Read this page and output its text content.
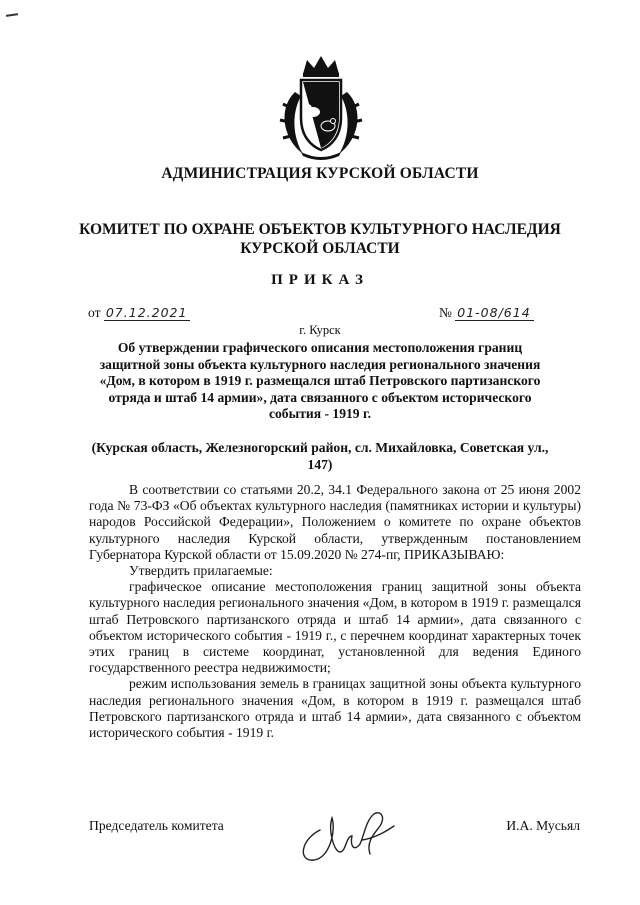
АДМИНИСТРАЦИЯ КУРСКОЙ ОБЛАСТИ
КОМИТЕТ ПО ОХРАНЕ ОБЪЕКТОВ КУЛЬТУРНОГО НАСЛЕДИЯ КУРСКОЙ ОБЛАСТИ
ПРИКАЗ
от 07.12.2021	№ 01-08/614
г. Курск
Об утверждении графического описания местоположения границ защитной зоны объекта культурного наследия регионального значения «Дом, в котором в 1919 г. размещался штаб Петровского партизанского отряда и штаб 14 армии», дата связанного с объектом исторического события - 1919 г.
(Курская область, Железногорский район, сл. Михайловка, Советская ул., 147)

В соответствии со статьями 20.2, 34.1 Федерального закона от 25 июня 2002 года № 73-ФЗ «Об объектах культурного наследия (памятниках истории и культуры) народов Российской Федерации», Положением о комитете по охране объектов культурного наследия Курской области, утвержденным постановлением Губернатора Курской области от 15.09.2020 № 274-пг, ПРИКАЗЫВАЮ:

Утвердить прилагаемые:

графическое описание местоположения границ защитной зоны объекта культурного наследия регионального значения «Дом, в котором в 1919 г. размещался штаб Петровского партизанского отряда и штаб 14 армии», дата связанного с объектом исторического события - 1919 г., с перечнем координат характерных точек этих границ в системе координат, установленной для ведения Единого государственного реестра недвижимости;

режим использования земель в границах защитной зоны объекта культурного наследия регионального значения «Дом, в котором в 1919 г. размещался штаб Петровского партизанского отряда и штаб 14 армии», дата связанного с объектом исторического события - 1919 г.

Председатель комитета	И.А. Мусьял
